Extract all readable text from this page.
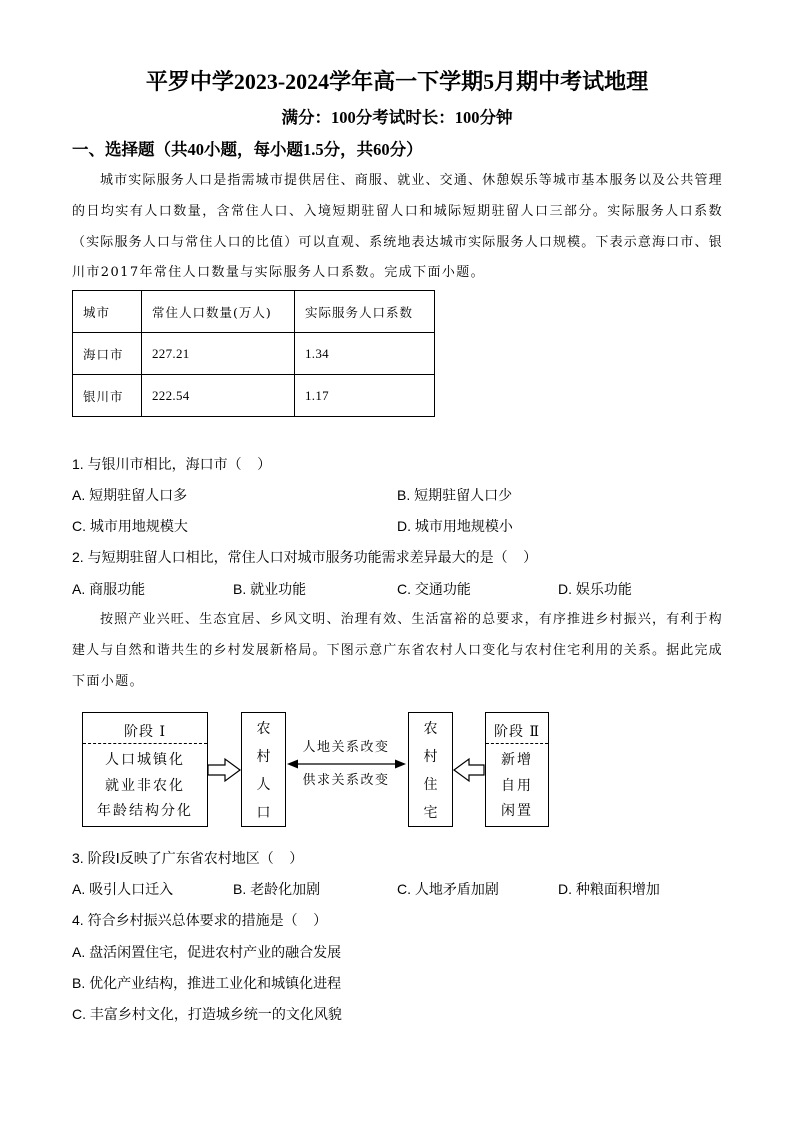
平罗中学2023-2024学年高一下学期5月期中考试地理
满分：100分考试时长：100分钟
一、选择题（共40小题，每小题1.5分，共60分）
城市实际服务人口是指需城市提供居住、商服、就业、交通、休憩娱乐等城市基本服务以及公共管理
的日均实有人口数量，含常住人口、入境短期驻留人口和城际短期驻留人口三部分。实际服务人口系数
（实际服务人口与常住人口的比值）可以直观、系统地表达城市实际服务人口规模。下表示意海口市、银
川市2017年常住人口数量与实际服务人口系数。完成下面小题。
城市	常住人口数量(万人)	实际服务人口系数
海口市	227.21	1.34
银川市	222.54	1.17
1. 与银川市相比，海口市（    ）
A. 短期驻留人口多	B. 短期驻留人口少
C. 城市用地规模大	D. 城市用地规模小
2. 与短期驻留人口相比，常住人口对城市服务功能需求差异最大的是（    ）
A. 商服功能	B. 就业功能	C. 交通功能	D. 娱乐功能
按照产业兴旺、生态宜居、乡风文明、治理有效、生活富裕的总要求，有序推进乡村振兴，有利于构
建人与自然和谐共生的乡村发展新格局。下图示意广东省农村人口变化与农村住宅利用的关系。据此完成
下面小题。
阶段 Ⅰ
人口城镇化
就业非农化
年龄结构分化
农村人口
人地关系改变
供求关系改变
农村住宅
阶段 Ⅱ
新增
自用
闲置
3. 阶段Ⅰ反映了广东省农村地区（    ）
A. 吸引人口迁入	B. 老龄化加剧	C. 人地矛盾加剧	D. 种粮面积增加
4. 符合乡村振兴总体要求的措施是（    ）
A. 盘活闲置住宅，促进农村产业的融合发展
B. 优化产业结构，推进工业化和城镇化进程
C. 丰富乡村文化，打造城乡统一的文化风貌
